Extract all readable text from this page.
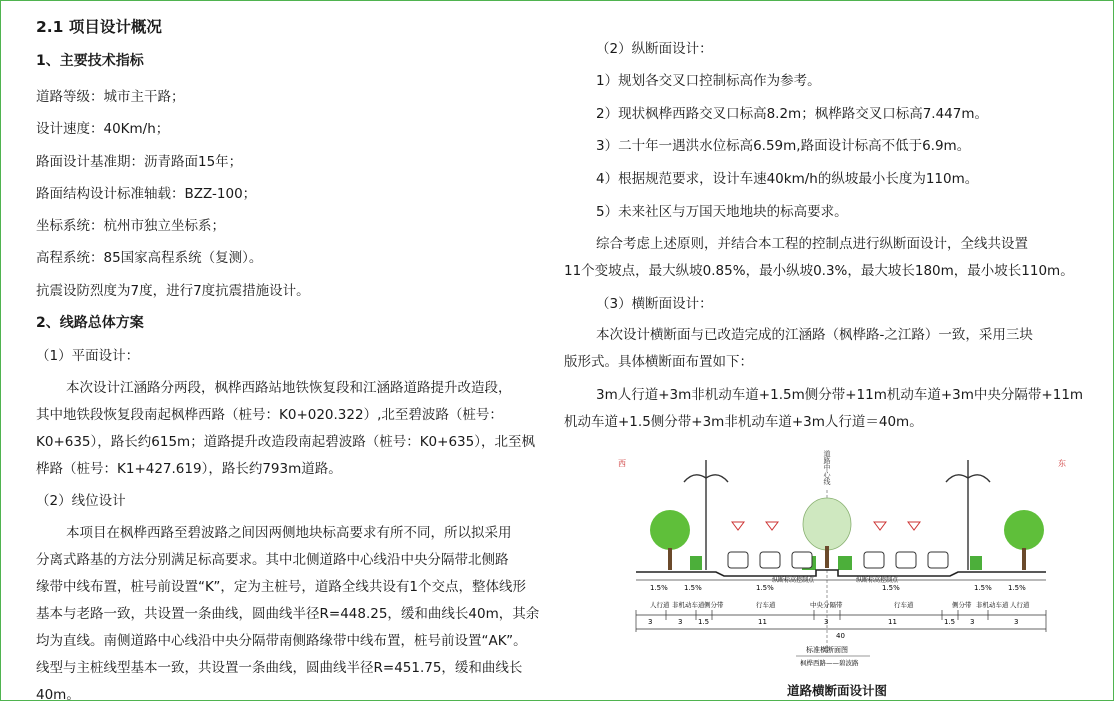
2.1 项目设计概况
1、主要技术指标
道路等级：城市主干路；
设计速度：40Km/h；
路面设计基准期：沥青路面15年；
路面结构设计标准轴载：BZZ-100；
坐标系统：杭州市独立坐标系；
高程系统：85国家高程系统（复测）。
抗震设防烈度为7度，进行7度抗震措施设计。
2、线路总体方案
（1）平面设计：
本次设计江涵路分两段，枫桦西路站地铁恢复段和江涵路道路提升改造段，
其中地铁段恢复段南起枫桦西路（桩号：K0+020.322）,北至碧波路（桩号：
K0+635），路长约615m；道路提升改造段南起碧波路（桩号：K0+635），北至枫
桦路（桩号：K1+427.619），路长约793m道路。
（2）线位设计
本项目在枫桦西路至碧波路之间因两侧地块标高要求有所不同，所以拟采用
分离式路基的方法分别满足标高要求。其中北侧道路中心线沿中央分隔带北侧路
缘带中线布置，桩号前设置“K”，定为主桩号，道路全线共设有1个交点，整体线形
基本与老路一致，共设置一条曲线，圆曲线半径R=448.25，缓和曲线长40m，其余
均为直线。南侧道路中心线沿中央分隔带南侧路缘带中线布置，桩号前设置“AK”。
线型与主桩线型基本一致，共设置一条曲线，圆曲线半径R=451.75，缓和曲线长
40m。
（2）纵断面设计：
1）规划各交叉口控制标高作为参考。
2）现状枫桦西路交叉口标高8.2m；枫桦路交叉口标高7.447m。
3）二十年一遇洪水位标高6.59m,路面设计标高不低于6.9m。
4）根据规范要求，设计车速40km/h的纵坡最小长度为110m。
5）未来社区与万国天地地块的标高要求。
综合考虑上述原则，并结合本工程的控制点进行纵断面设计，全线共设置
11个变坡点，最大纵坡0.85%，最小纵坡0.3%，最大坡长180m，最小坡长110m。
（3）横断面设计：
本次设计横断面与已改造完成的江涵路（枫桦路-之江路）一致，采用三块
版形式。具体横断面布置如下：
3m人行道+3m非机动车道+1.5m侧分带+11m机动车道+3m中央分隔带+11m
机动车道+1.5侧分带+3m非机动车道+3m人行道＝40m。
西	东
道路中心线
1.5% 1.5%	1.5%	1.5%	1.5% 1.5%
纵断标高控制点	纵断标高控制点
人行道 非机动车道 侧分带	行车道	中央分隔带	行车道	侧分带 非机动车道 人行道
3	3 1.5	11	3	11	1.5 3	3
40
标准横断面图
枫桦西路——碧波路
道路横断面设计图
